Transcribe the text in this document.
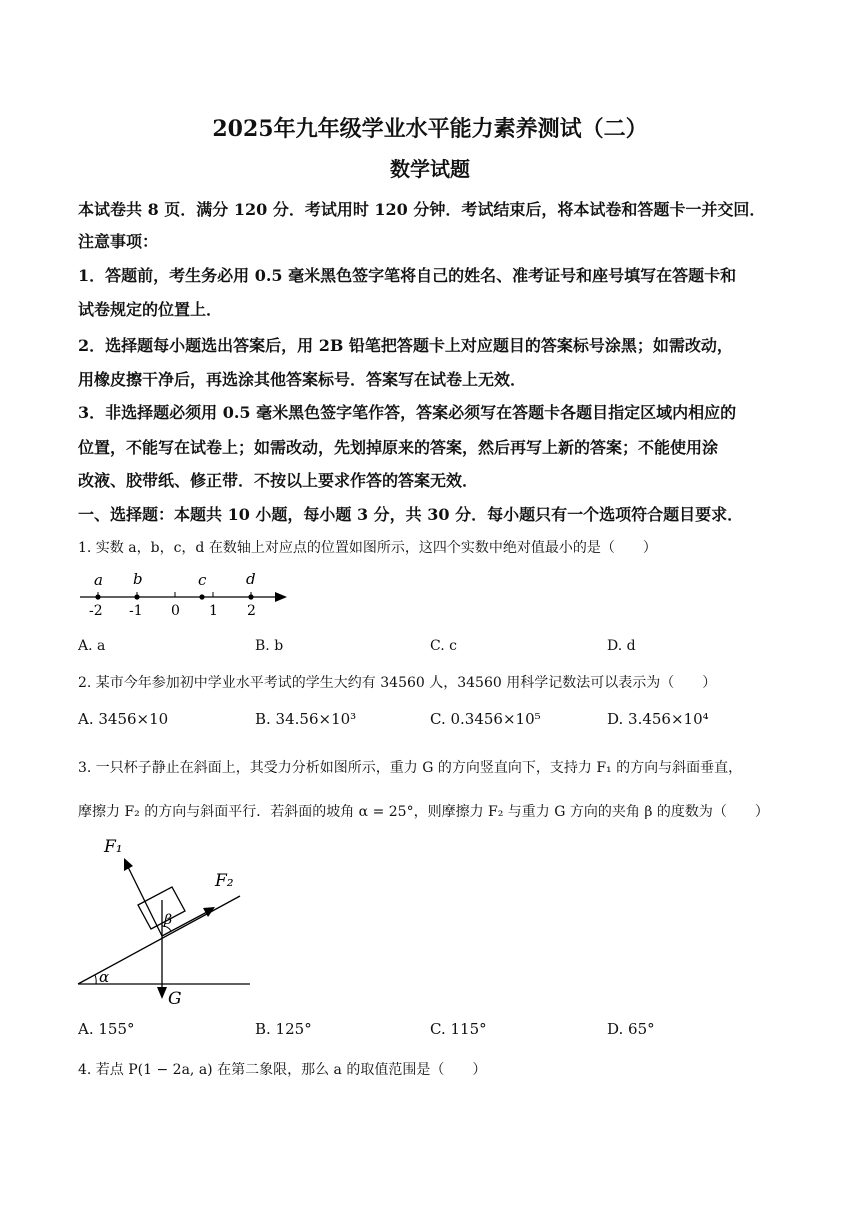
2025年九年级学业水平能力素养测试（二）
数学试题
本试卷共 8 页．满分 120 分．考试用时 120 分钟．考试结束后，将本试卷和答题卡一并交回．
注意事项：
1．答题前，考生务必用 0.5 毫米黑色签字笔将自己的姓名、准考证号和座号填写在答题卡和
试卷规定的位置上．
2．选择题每小题选出答案后，用 2B 铅笔把答题卡上对应题目的答案标号涂黑；如需改动，
用橡皮擦干净后，再选涂其他答案标号．答案写在试卷上无效．
3．非选择题必须用 0.5 毫米黑色签字笔作答，答案必须写在答题卡各题目指定区域内相应的
位置，不能写在试卷上；如需改动，先划掉原来的答案，然后再写上新的答案；不能使用涂
改液、胶带纸、修正带．不按以上要求作答的答案无效．
一、选择题：本题共 10 小题，每小题 3 分，共 30 分．每小题只有一个选项符合题目要求．
1. 实数 a，b，c，d 在数轴上对应点的位置如图所示，这四个实数中绝对值最小的是（　　）
a b	c	d
-2 -1 0 1 2
A. a	B. b	C. c	D. d
2. 某市今年参加初中学业水平考试的学生大约有 34560 人，34560 用科学记数法可以表示为（　　）
A. 3456×10	B. 34.56×10³	C. 0.3456×10⁵	D. 3.456×10⁴
3. 一只杯子静止在斜面上，其受力分析如图所示，重力 G 的方向竖直向下，支持力 F₁ 的方向与斜面垂直，
摩擦力 F₂ 的方向与斜面平行．若斜面的坡角 α = 25°，则摩擦力 F₂ 与重力 G 方向的夹角 β 的度数为（　　）
F₁
F₂
G
α
β
A. 155°	B. 125°	C. 115°	D. 65°
4. 若点 P(1 − 2a, a) 在第二象限，那么 a 的取值范围是（　　）
